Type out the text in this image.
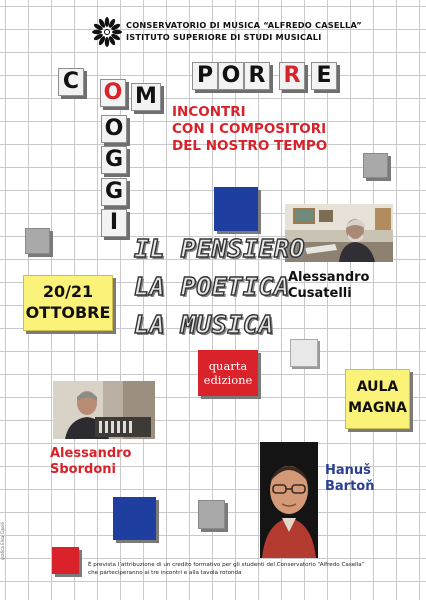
CONSERVATORIO DI MUSICA “ALFREDO CASELLA”
ISTITUTO SUPERIORE DI STUDI MUSICALI
P O R R E
C O M
O
G
G
I
INCONTRI
CON I COMPOSITORI
DEL NOSTRO TEMPO
IL PENSIERO
LA POETICA
LA MUSICA
Alessandro
Cusatelli
20/21
OTTOBRE
quarta
edizione	AULA
MAGNA
Alessandro
Sbordoni	Hanuš
Bartoň
È prevista l’attribuzione di un credito formativo per gli studenti del Conservatorio “Alfredo Casella”
che parteciperanno ai tre incontri e alla tavola rotonda
grafica Elisa Cipolli
